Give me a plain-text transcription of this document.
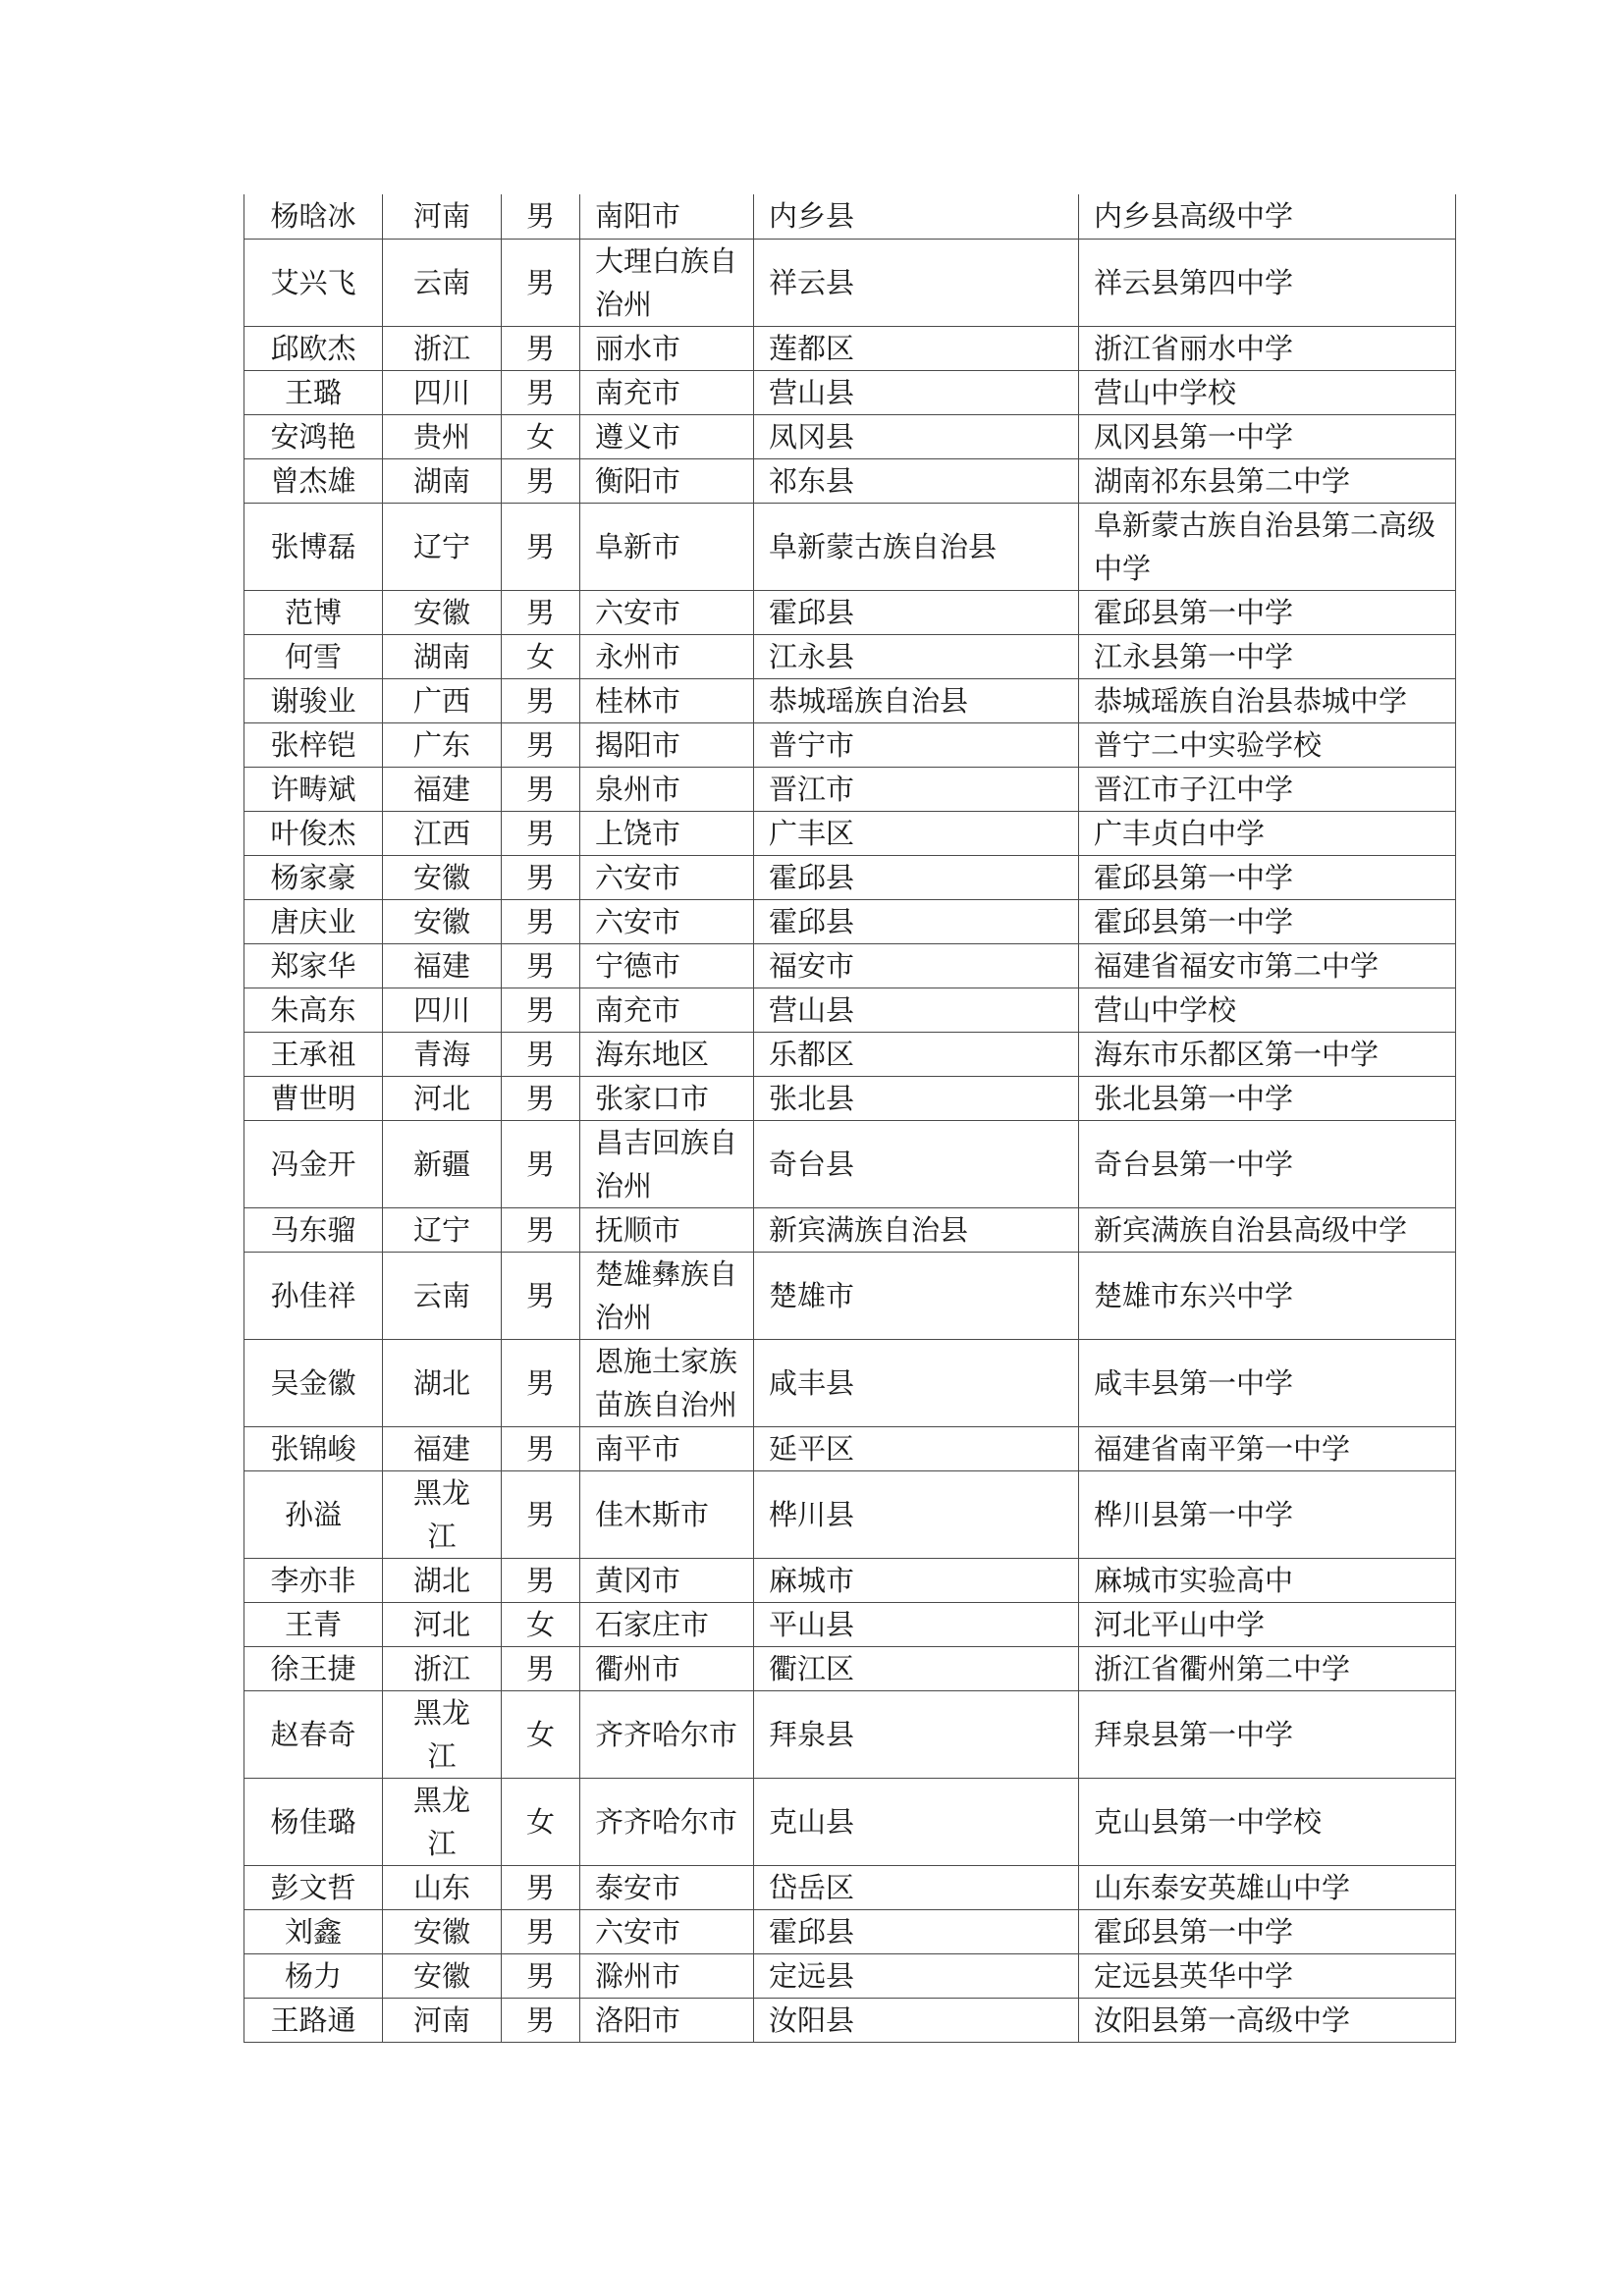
杨晗冰	河南	男	南阳市	内乡县	内乡县高级中学
艾兴飞	云南	男	大理白族自治州	祥云县	祥云县第四中学
邱欧杰	浙江	男	丽水市	莲都区	浙江省丽水中学
王璐	四川	男	南充市	营山县	营山中学校
安鸿艳	贵州	女	遵义市	凤冈县	凤冈县第一中学
曾杰雄	湖南	男	衡阳市	祁东县	湖南祁东县第二中学
张博磊	辽宁	男	阜新市	阜新蒙古族自治县	阜新蒙古族自治县第二高级中学
范博	安徽	男	六安市	霍邱县	霍邱县第一中学
何雪	湖南	女	永州市	江永县	江永县第一中学
谢骏业	广西	男	桂林市	恭城瑶族自治县	恭城瑶族自治县恭城中学
张梓铠	广东	男	揭阳市	普宁市	普宁二中实验学校
许畴斌	福建	男	泉州市	晋江市	晋江市子江中学
叶俊杰	江西	男	上饶市	广丰区	广丰贞白中学
杨家豪	安徽	男	六安市	霍邱县	霍邱县第一中学
唐庆业	安徽	男	六安市	霍邱县	霍邱县第一中学
郑家华	福建	男	宁德市	福安市	福建省福安市第二中学
朱高东	四川	男	南充市	营山县	营山中学校
王承祖	青海	男	海东地区	乐都区	海东市乐都区第一中学
曹世明	河北	男	张家口市	张北县	张北县第一中学
冯金开	新疆	男	昌吉回族自治州	奇台县	奇台县第一中学
马东骝	辽宁	男	抚顺市	新宾满族自治县	新宾满族自治县高级中学
孙佳祥	云南	男	楚雄彝族自治州	楚雄市	楚雄市东兴中学
吴金徽	湖北	男	恩施土家族苗族自治州	咸丰县	咸丰县第一中学
张锦峻	福建	男	南平市	延平区	福建省南平第一中学
孙溢	黑龙江	男	佳木斯市	桦川县	桦川县第一中学
李亦非	湖北	男	黄冈市	麻城市	麻城市实验高中
王青	河北	女	石家庄市	平山县	河北平山中学
徐王捷	浙江	男	衢州市	衢江区	浙江省衢州第二中学
赵春奇	黑龙江	女	齐齐哈尔市	拜泉县	拜泉县第一中学
杨佳璐	黑龙江	女	齐齐哈尔市	克山县	克山县第一中学校
彭文哲	山东	男	泰安市	岱岳区	山东泰安英雄山中学
刘鑫	安徽	男	六安市	霍邱县	霍邱县第一中学
杨力	安徽	男	滁州市	定远县	定远县英华中学
王路通	河南	男	洛阳市	汝阳县	汝阳县第一高级中学
